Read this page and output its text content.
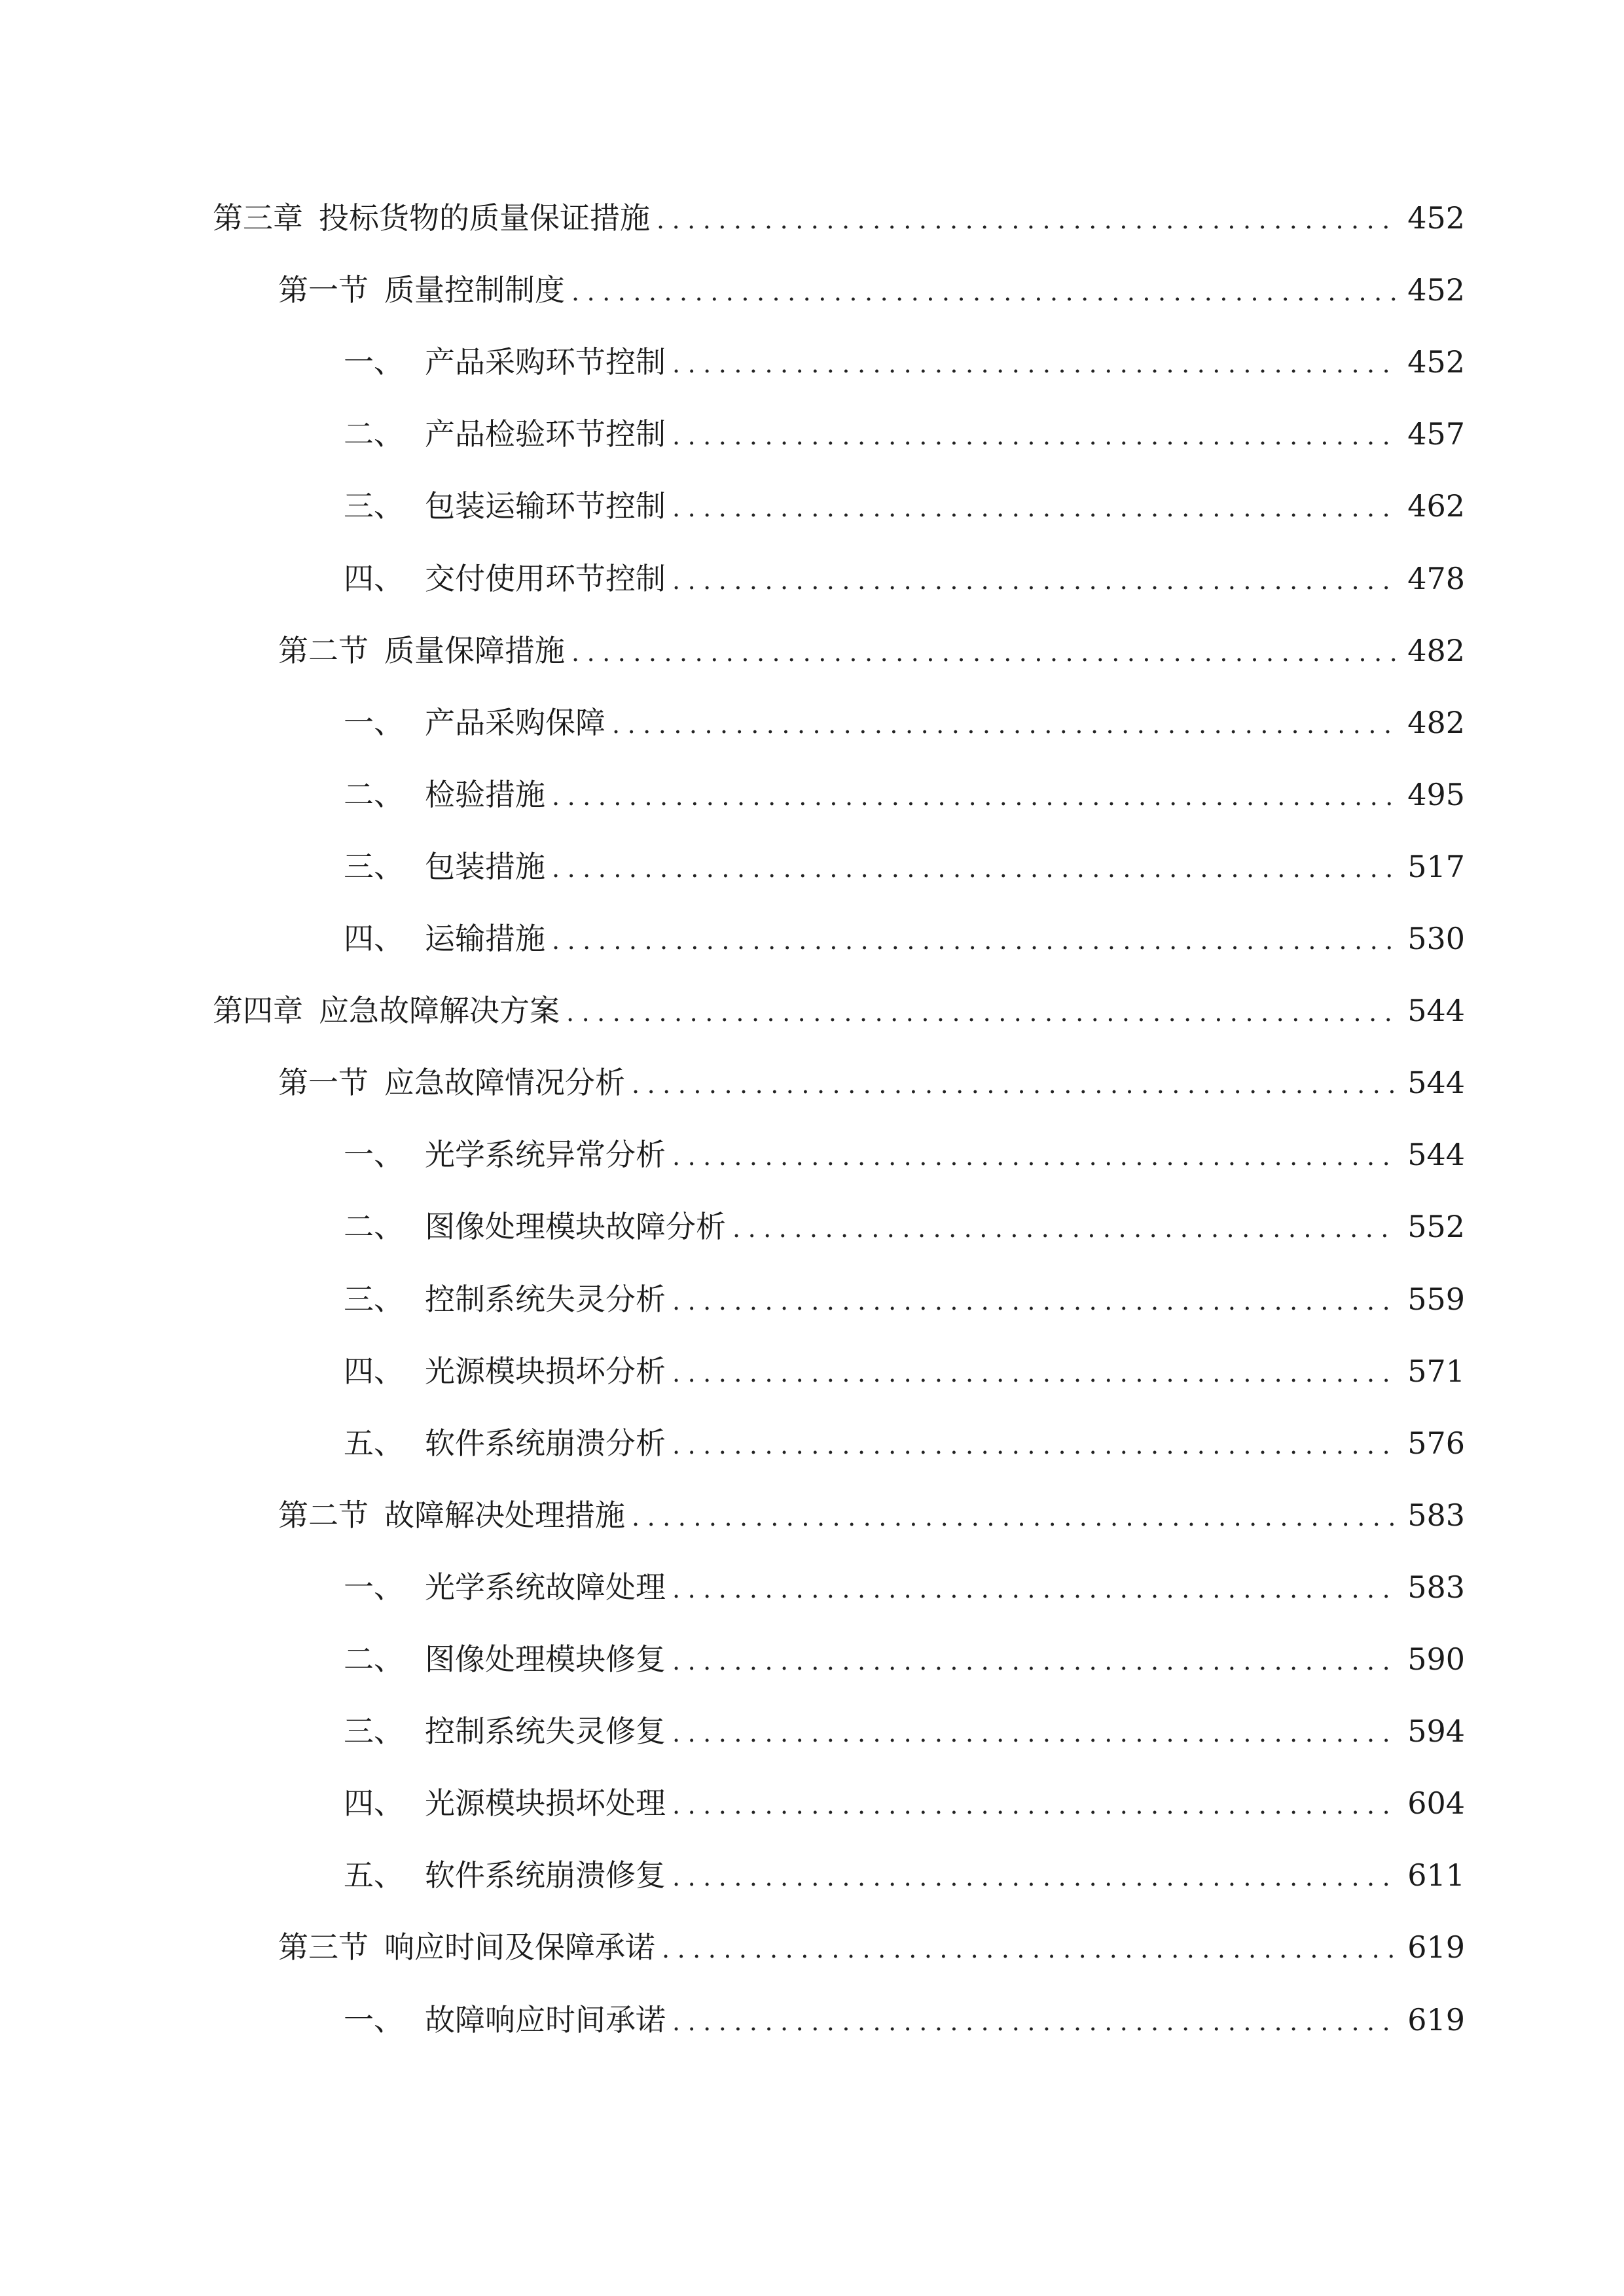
第三章 投标货物的质量保证措施 .....	452
第一节 质量控制制度 .....	452
一、 产品采购环节控制 .....	452
二、 产品检验环节控制 .....	457
三、 包装运输环节控制 .....	462
四、 交付使用环节控制 .....	478
第二节 质量保障措施 .....	482
一、 产品采购保障 .....	482
二、 检验措施 .....	495
三、 包装措施 .....	517
四、 运输措施 .....	530
第四章 应急故障解决方案 .....	544
第一节 应急故障情况分析 .....	544
一、 光学系统异常分析 .....	544
二、 图像处理模块故障分析 .....	552
三、 控制系统失灵分析 .....	559
四、 光源模块损坏分析 .....	571
五、 软件系统崩溃分析 .....	576
第二节 故障解决处理措施 .....	583
一、 光学系统故障处理 .....	583
二、 图像处理模块修复 .....	590
三、 控制系统失灵修复 .....	594
四、 光源模块损坏处理 .....	604
五、 软件系统崩溃修复 .....	611
第三节 响应时间及保障承诺 .....	619
一、 故障响应时间承诺 .....	619
